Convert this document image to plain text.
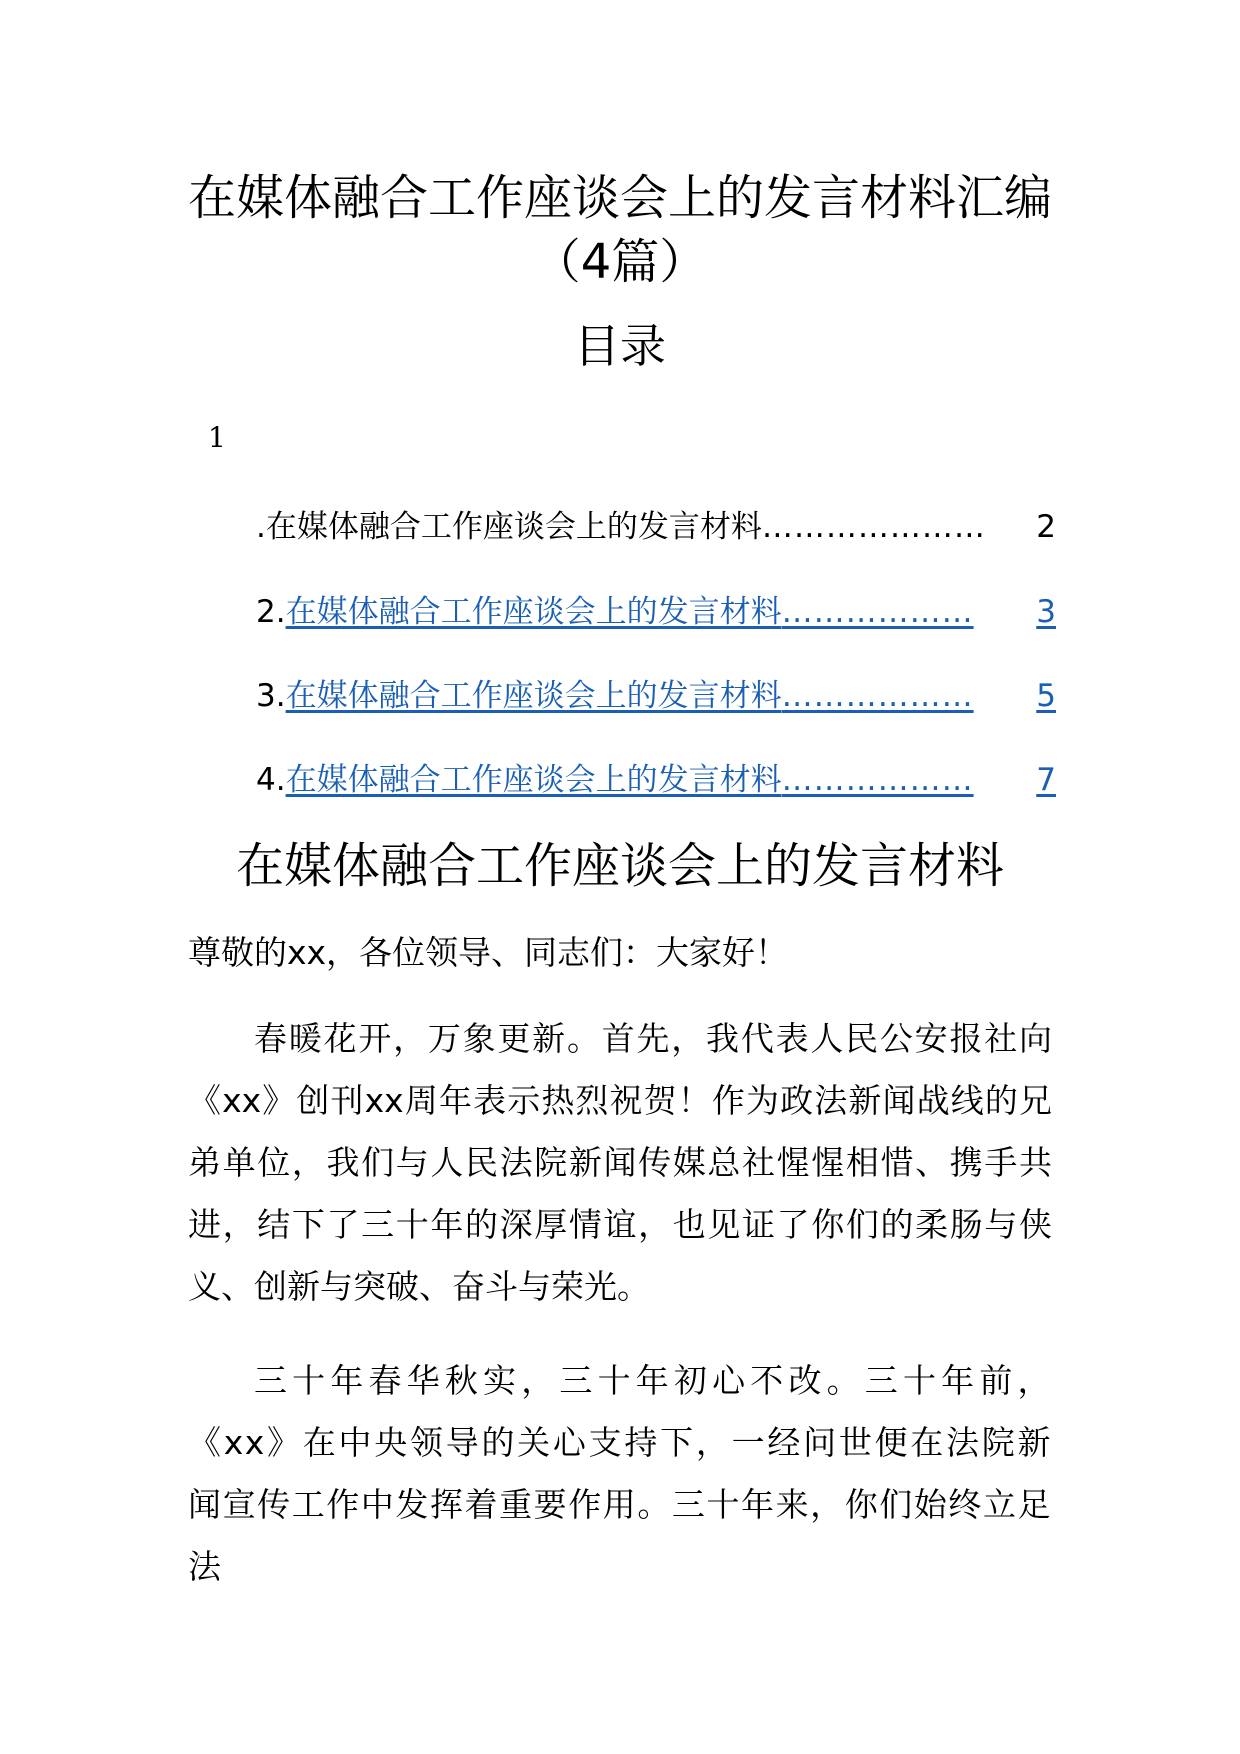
在媒体融合工作座谈会上的发言材料汇编
（4篇）
目录
1
.在媒体融合工作座谈会上的发言材料 …………………	2
2. 在媒体融合工作座谈会上的发言材料 ………………	3
3. 在媒体融合工作座谈会上的发言材料 ………………	5
4. 在媒体融合工作座谈会上的发言材料 ………………	7
在媒体融合工作座谈会上的发言材料

尊敬的xx，各位领导、同志们：大家好！

春暖花开，万象更新。首先，我代表人民公安报社向《xx》创刊xx周年表示热烈祝贺！作为政法新闻战线的兄弟单位，我们与人民法院新闻传媒总社惺惺相惜、携手共进，结下了三十年的深厚情谊，也见证了你们的柔肠与侠义、创新与突破、奋斗与荣光。

三十年春华秋实，三十年初心不改。三十年前，《xx》在中央领导的关心支持下，一经问世便在法院新闻宣传工作中发挥着重要作用。三十年来，你们始终立足法
